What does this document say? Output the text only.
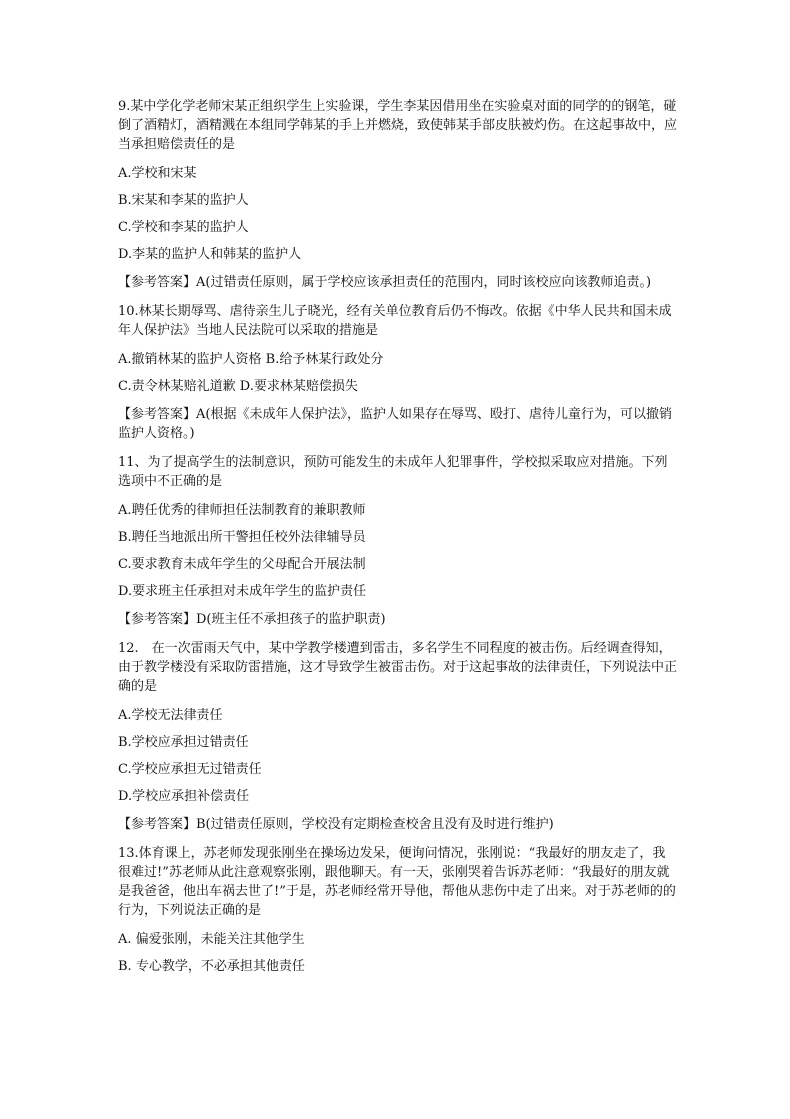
9.某中学化学老师宋某正组织学生上实验课，学生李某因借用坐在实验桌对面的同学的的钢笔，碰倒了酒精灯，酒精溅在本组同学韩某的手上并燃烧，致使韩某手部皮肤被灼伤。在这起事故中，应当承担赔偿责任的是

A.学校和宋某

B.宋某和李某的监护人

C.学校和李某的监护人

D.李某的监护人和韩某的监护人

【参考答案】A(过错责任原则，属于学校应该承担责任的范围内，同时该校应向该教师追责。)

10.林某长期辱骂、虐待亲生儿子晓光，经有关单位教育后仍不悔改。依据《中华人民共和国未成年人保护法》当地人民法院可以采取的措施是

A.撤销林某的监护人资格 B.给予林某行政处分

C.责令林某赔礼道歉 D.要求林某赔偿损失

【参考答案】A(根据《未成年人保护法》，监护人如果存在辱骂、殴打、虐待儿童行为，可以撤销监护人资格。)

11、为了提高学生的法制意识，预防可能发生的未成年人犯罪事件，学校拟采取应对措施。下列选项中不正确的是

A.聘任优秀的律师担任法制教育的兼职教师

B.聘任当地派出所干警担任校外法律辅导员

C.要求教育未成年学生的父母配合开展法制

D.要求班主任承担对未成年学生的监护责任

【参考答案】D(班主任不承担孩子的监护职责)

12.　在一次雷雨天气中，某中学教学楼遭到雷击，多名学生不同程度的被击伤。后经调查得知，由于教学楼没有采取防雷措施，这才导致学生被雷击伤。对于这起事故的法律责任，下列说法中正确的是

A.学校无法律责任

B.学校应承担过错责任

C.学校应承担无过错责任

D.学校应承担补偿责任

【参考答案】B(过错责任原则，学校没有定期检查校舍且没有及时进行维护)

13.体育课上，苏老师发现张刚坐在操场边发呆，便询问情况，张刚说：“我最好的朋友走了，我很难过!”苏老师从此注意观察张刚，跟他聊天。有一天，张刚哭着告诉苏老师：“我最好的朋友就是我爸爸，他出车祸去世了!”于是，苏老师经常开导他，帮他从悲伤中走了出来。对于苏老师的的行为，下列说法正确的是

A. 偏爱张刚，未能关注其他学生

B. 专心教学，不必承担其他责任
